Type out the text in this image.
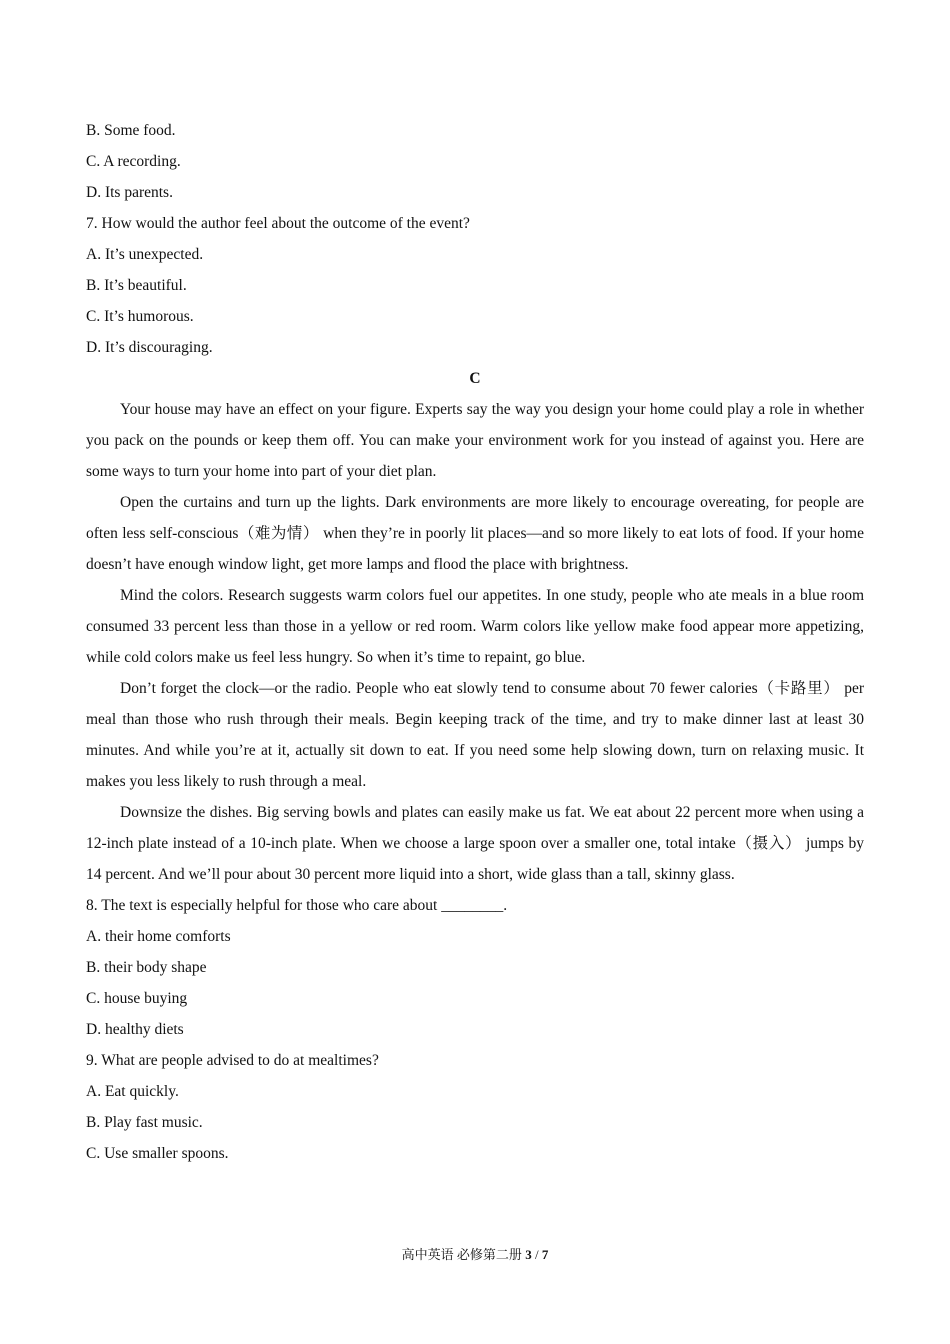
B. Some food.
C. A recording.
D. Its parents.
7. How would the author feel about the outcome of the event?
A. It’s unexpected.
B. It’s beautiful.
C. It’s humorous.
D. It’s discouraging.
C

Your house may have an effect on your figure. Experts say the way you design your home could play a role in whether you pack on the pounds or keep them off. You can make your environment work for you instead of against you. Here are some ways to turn your home into part of your diet plan.

Open the curtains and turn up the lights. Dark environments are more likely to encourage overeating, for people are often less self-conscious（难为情） when they’re in poorly lit places—and so more likely to eat lots of food. If your home doesn’t have enough window light, get more lamps and flood the place with brightness.

Mind the colors. Research suggests warm colors fuel our appetites. In one study, people who ate meals in a blue room consumed 33 percent less than those in a yellow or red room. Warm colors like yellow make food appear more appetizing, while cold colors make us feel less hungry. So when it’s time to repaint, go blue.

Don’t forget the clock—or the radio. People who eat slowly tend to consume about 70 fewer calories（卡路里） per meal than those who rush through their meals. Begin keeping track of the time, and try to make dinner last at least 30 minutes. And while you’re at it, actually sit down to eat. If you need some help slowing down, turn on relaxing music. It makes you less likely to rush through a meal.

Downsize the dishes. Big serving bowls and plates can easily make us fat. We eat about 22 percent more when using a 12-inch plate instead of a 10-inch plate. When we choose a large spoon over a smaller one, total intake（摄入） jumps by 14 percent. And we’ll pour about 30 percent more liquid into a short, wide glass than a tall, skinny glass.

8. The text is especially helpful for those who care about ________.
A. their home comforts
B. their body shape
C. house buying
D. healthy diets
9. What are people advised to do at mealtimes?
A. Eat quickly.
B. Play fast music.
C. Use smaller spoons.
高中英语 必修第二册 3 / 7
